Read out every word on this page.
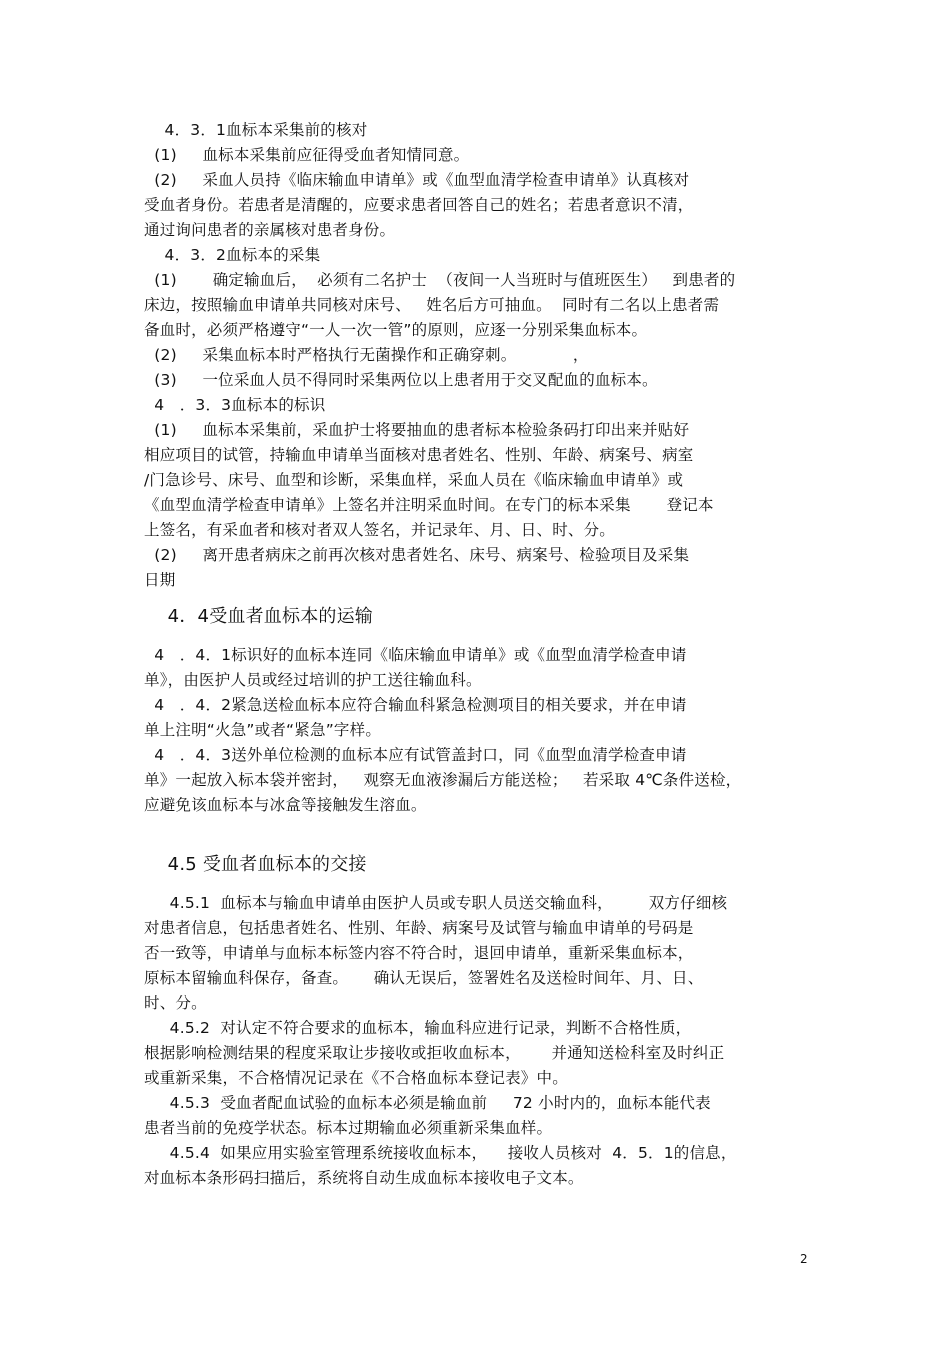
4．3．1血标本采集前的核对
(1)     血标本采集前应征得受血者知情同意。
(2)     采血人员持《临床输血申请单》或《血型血清学检查申请单》认真核对
受血者身份。若患者是清醒的，应要求患者回答自己的姓名；若患者意识不清，
通过询问患者的亲属核对患者身份。
4．3．2血标本的采集
(1)       确定输血后，  必须有二名护士  （夜间一人当班时与值班医生）   到患者的
床边，按照输血申请单共同核对床号、   姓名后方可抽血。  同时有二名以上患者需
备血时，必须严格遵守“一人一次一管”的原则，应逐一分别采集血标本。
(2)     采集血标本时严格执行无菌操作和正确穿刺。           ，
(3)     一位采血人员不得同时采集两位以上患者用于交叉配血的血标本。
4   ．3．3血标本的标识
(1)     血标本采集前，采血护士将要抽血的患者标本检验条码打印出来并贴好
相应项目的试管，持输血申请单当面核对患者姓名、性别、年龄、病案号、病室
/门急诊号、床号、血型和诊断，采集血样，采血人员在《临床输血申请单》或
《血型血清学检查申请单》上签名并注明采血时间。在专门的标本采集       登记本
上签名，有采血者和核对者双人签名，并记录年、月、日、时、分。
(2)     离开患者病床之前再次核对患者姓名、床号、病案号、检验项目及采集
日期
4．4受血者血标本的运输
4   ．4．1标识好的血标本连同《临床输血申请单》或《血型血清学检查申请
单》，由医护人员或经过培训的护工送往输血科。
4   ．4．2紧急送检血标本应符合输血科紧急检测项目的相关要求，并在申请
单上注明“火急”或者“紧急”字样。
4   ．4．3送外单位检测的血标本应有试管盖封口，同《血型血清学检查申请
单》一起放入标本袋并密封，   观察无血液渗漏后方能送检；   若采取 4℃条件送检，
应避免该血标本与冰盒等接触发生溶血。
4.5 受血者血标本的交接
4.5.1  血标本与输血申请单由医护人员或专职人员送交输血科，       双方仔细核
对患者信息，包括患者姓名、性别、年龄、病案号及试管与输血申请单的号码是
否一致等，申请单与血标本标签内容不符合时，退回申请单，重新采集血标本，
原标本留输血科保存，备查。     确认无误后，签署姓名及送检时间年、月、日、
时、分。
4.5.2  对认定不符合要求的血标本，输血科应进行记录，判断不合格性质，
根据影响检测结果的程度采取让步接收或拒收血标本，      并通知送检科室及时纠正
或重新采集，不合格情况记录在《不合格血标本登记表》中。
4.5.3  受血者配血试验的血标本必须是输血前     72 小时内的，血标本能代表
患者当前的免疫学状态。标本过期输血必须重新采集血样。
4.5.4  如果应用实验室管理系统接收血标本，    接收人员核对  4．5．1的信息，
对血标本条形码扫描后，系统将自动生成血标本接收电子文本。
2
